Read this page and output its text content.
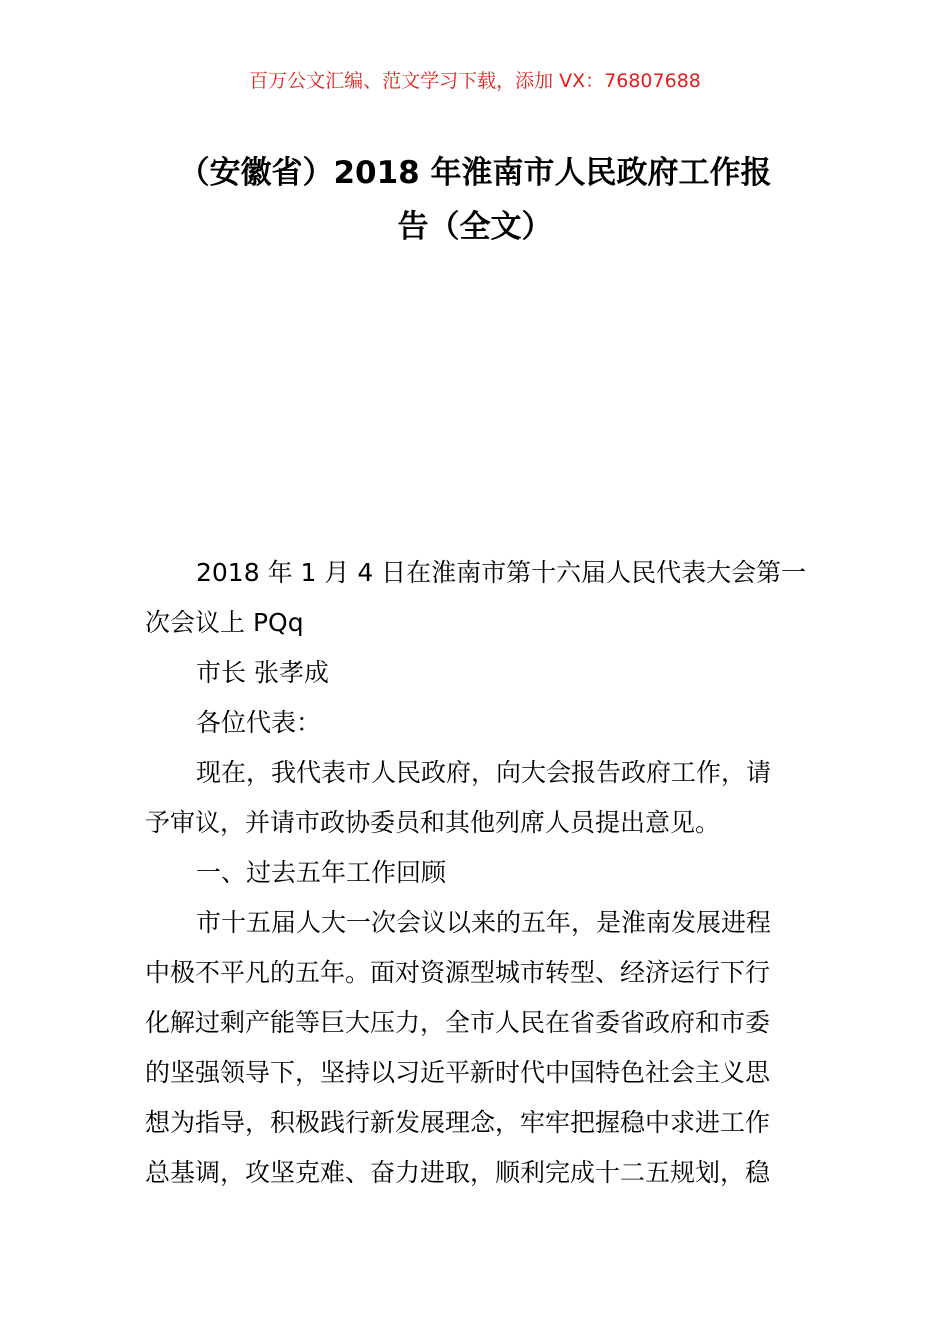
百万公文汇编、范文学习下载，添加 VX：76807688
（安徽省）2018 年淮南市人民政府工作报
告（全文）
2018 年 1 月 4 日在淮南市第十六届人民代表大会第一
次会议上 PQq
市长 张孝成
各位代表：
现在，我代表市人民政府，向大会报告政府工作，请
予审议，并请市政协委员和其他列席人员提出意见。
一、过去五年工作回顾
市十五届人大一次会议以来的五年，是淮南发展进程
中极不平凡的五年。面对资源型城市转型、经济运行下行
化解过剩产能等巨大压力，全市人民在省委省政府和市委
的坚强领导下，坚持以习近平新时代中国特色社会主义思
想为指导，积极践行新发展理念，牢牢把握稳中求进工作
总基调，攻坚克难、奋力进取，顺利完成十二五规划，稳
